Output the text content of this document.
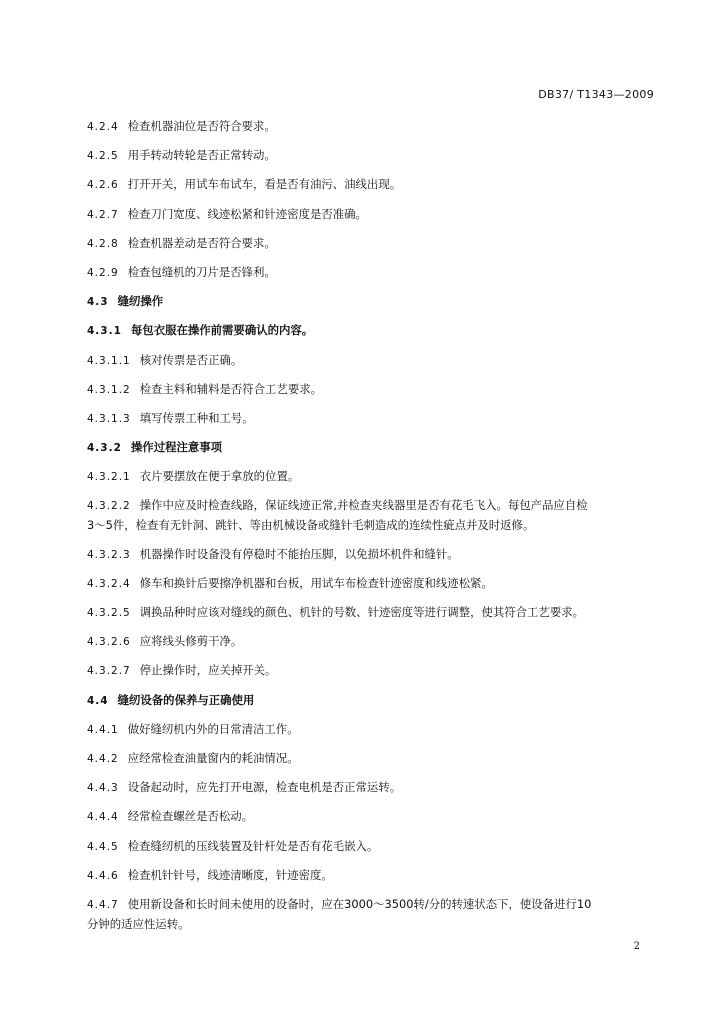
DB37/ T1343—2009
4.2.4 检查机器油位是否符合要求。
4.2.5 用手转动转轮是否正常转动。
4.2.6 打开开关，用试车布试车，看是否有油污、油线出现。
4.2.7 检查刀门宽度、线迹松紧和针迹密度是否准确。
4.2.8 检查机器差动是否符合要求。
4.2.9 检查包缝机的刀片是否锋利。
4.3 缝纫操作
4.3.1 每包衣服在操作前需要确认的内容。
4.3.1.1 核对传票是否正确。
4.3.1.2 检查主料和辅料是否符合工艺要求。
4.3.1.3 填写传票工种和工号。
4.3.2 操作过程注意事项
4.3.2.1 衣片要摆放在便于拿放的位置。
4.3.2.2 操作中应及时检查线路，保证线迹正常,并检查夹线器里是否有花毛飞入。每包产品应自检
3～5件，检查有无针洞、跳针、等由机械设备或缝针毛刺造成的连续性疵点并及时返修。
4.3.2.3 机器操作时设备没有停稳时不能抬压脚，以免损坏机件和缝针。
4.3.2.4 修车和换针后要擦净机器和台板，用试车布检查针迹密度和线迹松紧。
4.3.2.5 调换品种时应该对缝线的颜色、机针的号数、针迹密度等进行调整，使其符合工艺要求。
4.3.2.6 应将线头修剪干净。
4.3.2.7 停止操作时，应关掉开关。
4.4 缝纫设备的保养与正确使用
4.4.1 做好缝纫机内外的日常清洁工作。
4.4.2 应经常检查油量窗内的耗油情况。
4.4.3 设备起动时，应先打开电源，检查电机是否正常运转。
4.4.4 经常检查螺丝是否松动。
4.4.5 检查缝纫机的压线装置及针杆处是否有花毛嵌入。
4.4.6 检查机针针号，线迹清晰度，针迹密度。
4.4.7 使用新设备和长时间未使用的设备时，应在3000～3500转/分的转速状态下，使设备进行10
分钟的适应性运转。
2
